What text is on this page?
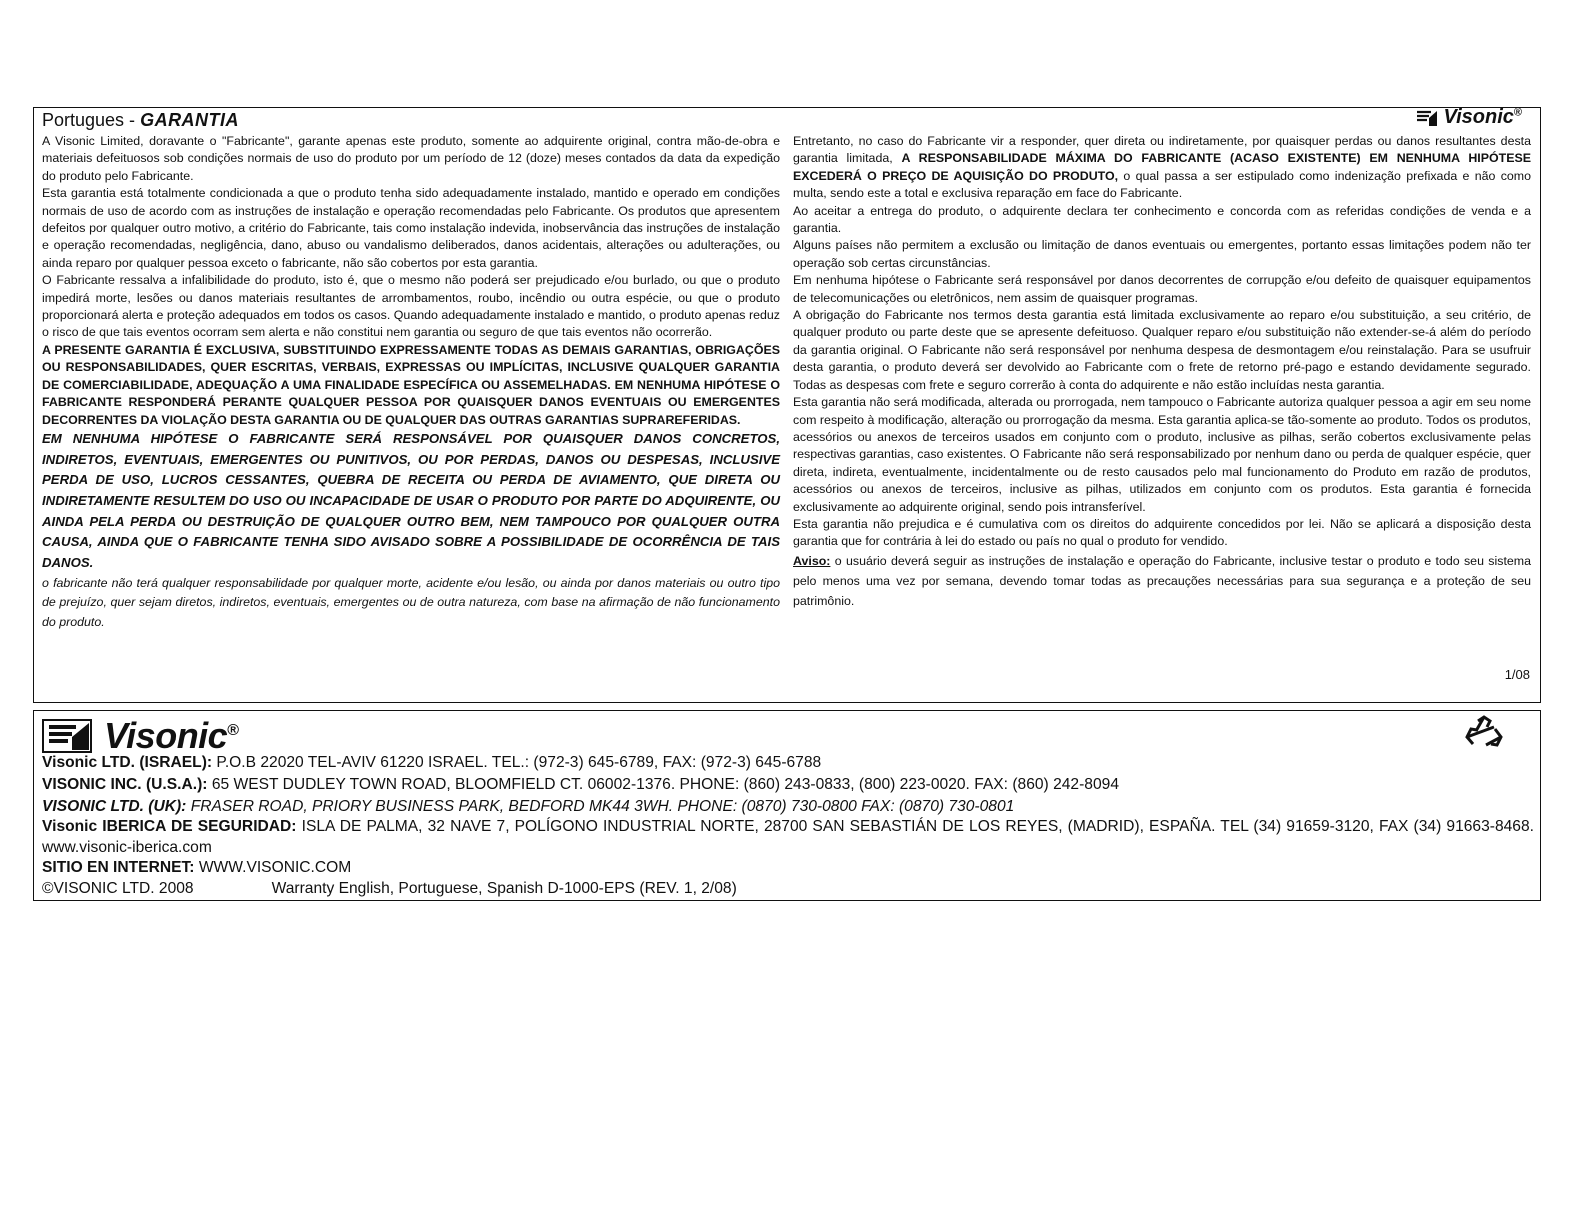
Portugues - GARANTIA	Visonic®

A Visonic Limited, doravante o "Fabricante", garante apenas este produto, somente ao adquirente original, contra mão-de-obra e materiais defeituosos sob condições normais de uso do produto por um período de 12 (doze) meses contados da data da expedição do produto pelo Fabricante.

Esta garantia está totalmente condicionada a que o produto tenha sido adequadamente instalado, mantido e operado em condições normais de uso de acordo com as instruções de instalação e operação recomendadas pelo Fabricante. Os produtos que apresentem defeitos por qualquer outro motivo, a critério do Fabricante, tais como instalação indevida, inobservância das instruções de instalação e operação recomendadas, negligência, dano, abuso ou vandalismo deliberados, danos acidentais, alterações ou adulterações, ou ainda reparo por qualquer pessoa exceto o fabricante, não são cobertos por esta garantia.

O Fabricante ressalva a infalibilidade do produto, isto é, que o mesmo não poderá ser prejudicado e/ou burlado, ou que o produto impedirá morte, lesões ou danos materiais resultantes de arrombamentos, roubo, incêndio ou outra espécie, ou que o produto proporcionará alerta e proteção adequados em todos os casos. Quando adequadamente instalado e mantido, o produto apenas reduz o risco de que tais eventos ocorram sem alerta e não constitui nem garantia ou seguro de que tais eventos não ocorrerão.

A PRESENTE GARANTIA É EXCLUSIVA, SUBSTITUINDO EXPRESSAMENTE TODAS AS DEMAIS GARANTIAS, OBRIGAÇÕES OU RESPONSABILIDADES, QUER ESCRITAS, VERBAIS, EXPRESSAS OU IMPLÍCITAS, INCLUSIVE QUALQUER GARANTIA DE COMERCIABILIDADE, ADEQUAÇÃO A UMA FINALIDADE ESPECÍFICA OU ASSEMELHADAS. EM NENHUMA HIPÓTESE O FABRICANTE RESPONDERÁ PERANTE QUALQUER PESSOA POR QUAISQUER DANOS EVENTUAIS OU EMERGENTES DECORRENTES DA VIOLAÇÃO DESTA GARANTIA OU DE QUALQUER DAS OUTRAS GARANTIAS SUPRAREFERIDAS.

EM NENHUMA HIPÓTESE O FABRICANTE SERÁ RESPONSÁVEL POR QUAISQUER DANOS CONCRETOS, INDIRETOS, EVENTUAIS, EMERGENTES OU PUNITIVOS, OU POR PERDAS, DANOS OU DESPESAS, INCLUSIVE PERDA DE USO, LUCROS CESSANTES, QUEBRA DE RECEITA OU PERDA DE AVIAMENTO, QUE DIRETA OU INDIRETAMENTE RESULTEM DO USO OU INCAPACIDADE DE USAR O PRODUTO POR PARTE DO ADQUIRENTE, OU AINDA PELA PERDA OU DESTRUIÇÃO DE QUALQUER OUTRO BEM, NEM TAMPOUCO POR QUALQUER OUTRA CAUSA, AINDA QUE O FABRICANTE TENHA SIDO AVISADO SOBRE A POSSIBILIDADE DE OCORRÊNCIA DE TAIS DANOS.

o fabricante não terá qualquer responsabilidade por qualquer morte, acidente e/ou lesão, ou ainda por danos materiais ou outro tipo de prejuízo, quer sejam diretos, indiretos, eventuais, emergentes ou de outra natureza, com base na afirmação de não funcionamento do produto.

Entretanto, no caso do Fabricante vir a responder, quer direta ou indiretamente, por quaisquer perdas ou danos resultantes desta garantia limitada, A RESPONSABILIDADE MÁXIMA DO FABRICANTE (ACASO EXISTENTE) EM NENHUMA HIPÓTESE EXCEDERÁ O PREÇO DE AQUISIÇÃO DO PRODUTO, o qual passa a ser estipulado como indenização prefixada e não como multa, sendo este a total e exclusiva reparação em face do Fabricante.

Ao aceitar a entrega do produto, o adquirente declara ter conhecimento e concorda com as referidas condições de venda e a garantia.

Alguns países não permitem a exclusão ou limitação de danos eventuais ou emergentes, portanto essas limitações podem não ter operação sob certas circunstâncias.

Em nenhuma hipótese o Fabricante será responsável por danos decorrentes de corrupção e/ou defeito de quaisquer equipamentos de telecomunicações ou eletrônicos, nem assim de quaisquer programas.

A obrigação do Fabricante nos termos desta garantia está limitada exclusivamente ao reparo e/ou substituição, a seu critério, de qualquer produto ou parte deste que se apresente defeituoso. Qualquer reparo e/ou substituição não extender-se-á além do período da garantia original. O Fabricante não será responsável por nenhuma despesa de desmontagem e/ou reinstalação. Para se usufruir desta garantia, o produto deverá ser devolvido ao Fabricante com o frete de retorno pré-pago e estando devidamente segurado. Todas as despesas com frete e seguro correrão à conta do adquirente e não estão incluídas nesta garantia.

Esta garantia não será modificada, alterada ou prorrogada, nem tampouco o Fabricante autoriza qualquer pessoa a agir em seu nome com respeito à modificação, alteração ou prorrogação da mesma. Esta garantia aplica-se tão-somente ao produto. Todos os produtos, acessórios ou anexos de terceiros usados em conjunto com o produto, inclusive as pilhas, serão cobertos exclusivamente pelas respectivas garantias, caso existentes. O Fabricante não será responsabilizado por nenhum dano ou perda de qualquer espécie, quer direta, indireta, eventualmente, incidentalmente ou de resto causados pelo mal funcionamento do Produto em razão de produtos, acessórios ou anexos de terceiros, inclusive as pilhas, utilizados em conjunto com os produtos. Esta garantia é fornecida exclusivamente ao adquirente original, sendo pois intransferível.

Esta garantia não prejudica e é cumulativa com os direitos do adquirente concedidos por lei. Não se aplicará a disposição desta garantia que for contrária à lei do estado ou país no qual o produto for vendido.

Aviso: o usuário deverá seguir as instruções de instalação e operação do Fabricante, inclusive testar o produto e todo seu sistema pelo menos uma vez por semana, devendo tomar todas as precauções necessárias para sua segurança e a proteção de seu patrimônio.

1/08
Visonic®
Visonic LTD. (ISRAEL): P.O.B 22020 TEL-AVIV 61220 ISRAEL. TEL.: (972-3) 645-6789, FAX: (972-3) 645-6788
VISONIC INC. (U.S.A.): 65 WEST DUDLEY TOWN ROAD, BLOOMFIELD CT. 06002-1376. PHONE: (860) 243-0833, (800) 223-0020. FAX: (860) 242-8094
VISONIC LTD. (UK): FRASER ROAD, PRIORY BUSINESS PARK, BEDFORD MK44 3WH. PHONE: (0870) 730-0800 FAX: (0870) 730-0801
Visonic IBERICA DE SEGURIDAD: ISLA DE PALMA, 32 NAVE 7, POLÍGONO INDUSTRIAL NORTE, 28700 SAN SEBASTIÁN DE LOS REYES, (MADRID), ESPAÑA. TEL (34) 91659-3120, FAX (34) 91663-8468. www.visonic-iberica.com
SITIO EN INTERNET: WWW.VISONIC.COM
©VISONIC LTD. 2008	Warranty English, Portuguese, Spanish D-1000-EPS (REV. 1, 2/08)
